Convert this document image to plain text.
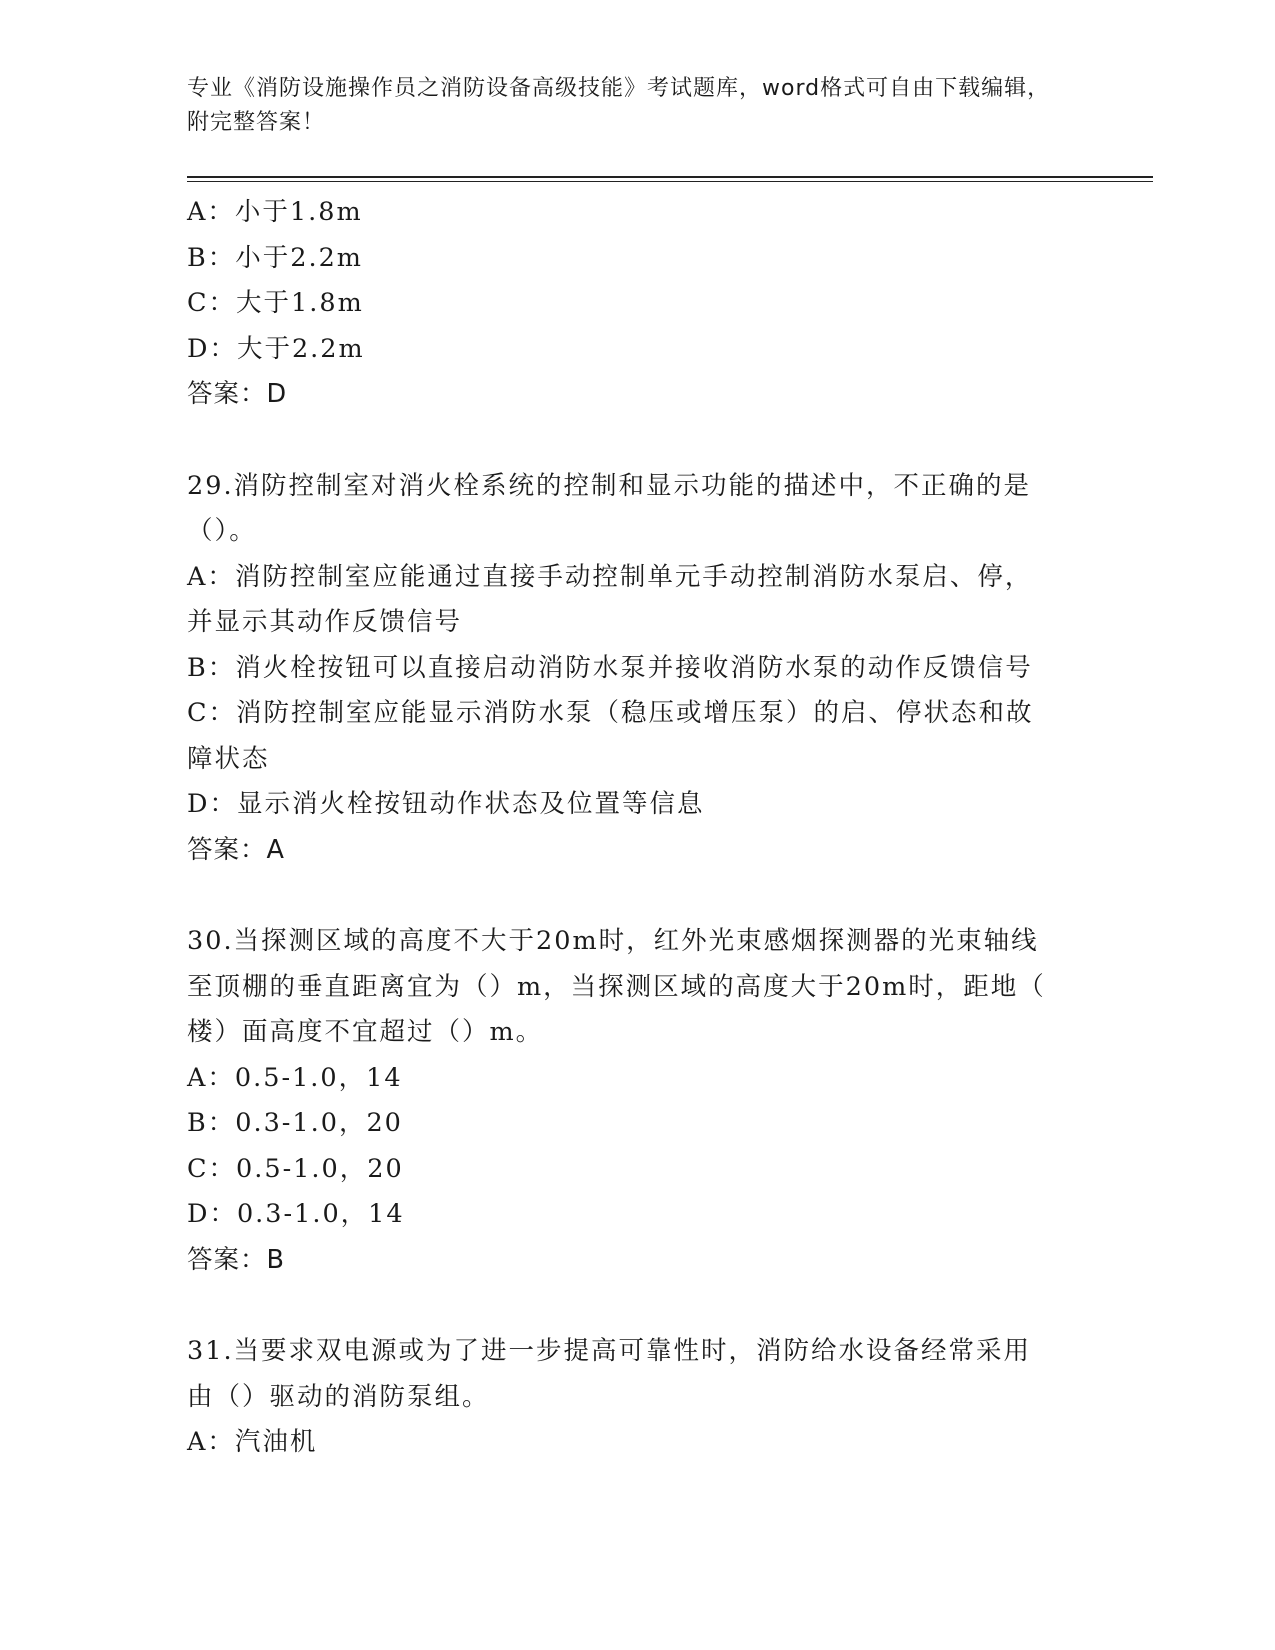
专业《消防设施操作员之消防设备高级技能》考试题库，word格式可自由下载编辑，附完整答案！
A：小于1.8m
B：小于2.2m
C：大于1.8m
D：大于2.2m
答案：D
29.消防控制室对消火栓系统的控制和显示功能的描述中，不正确的是
（）。
A：消防控制室应能通过直接手动控制单元手动控制消防水泵启、停，
并显示其动作反馈信号
B：消火栓按钮可以直接启动消防水泵并接收消防水泵的动作反馈信号
C：消防控制室应能显示消防水泵（稳压或增压泵）的启、停状态和故
障状态
D：显示消火栓按钮动作状态及位置等信息
答案：A
30.当探测区域的高度不大于20m时，红外光束感烟探测器的光束轴线
至顶棚的垂直距离宜为（）m，当探测区域的高度大于20m时，距地（
楼）面高度不宜超过（）m。
A：0.5-1.0，14
B：0.3-1.0，20
C：0.5-1.0，20
D：0.3-1.0，14
答案：B
31.当要求双电源或为了进一步提高可靠性时，消防给水设备经常采用
由（）驱动的消防泵组。
A：汽油机
